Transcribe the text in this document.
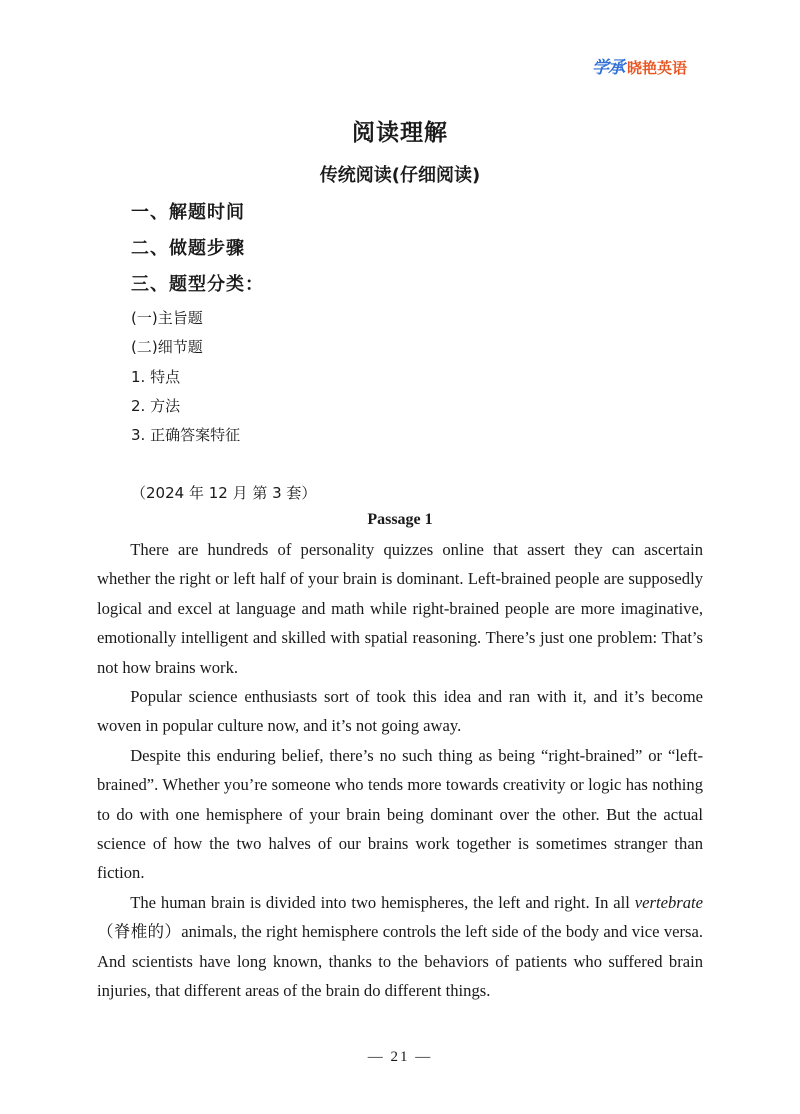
学承 晓艳英语
阅读理解
传统阅读(仔细阅读)
一、解题时间
二、做题步骤
三、题型分类：
(一)主旨题
(二)细节题
1. 特点
2. 方法
3. 正确答案特征
（2024 年 12 月 第 3 套）
Passage 1

There are hundreds of personality quizzes online that assert they can ascertain whether the right or left half of your brain is dominant. Left-brained people are supposedly logical and excel at language and math while right-brained people are more imaginative, emotionally intelligent and skilled with spatial reasoning. There’s just one problem: That’s not how brains work.

Popular science enthusiasts sort of took this idea and ran with it, and it’s become woven in popular culture now, and it’s not going away.

Despite this enduring belief, there’s no such thing as being “right-brained” or “left-brained”. Whether you’re someone who tends more towards creativity or logic has nothing to do with one hemisphere of your brain being dominant over the other. But the actual science of how the two halves of our brains work together is sometimes stranger than fiction.

The human brain is divided into two hemispheres, the left and right. In all vertebrate（脊椎的）animals, the right hemisphere controls the left side of the body and vice versa. And scientists have long known, thanks to the behaviors of patients who suffered brain injuries, that different areas of the brain do different things.

— 21 —
